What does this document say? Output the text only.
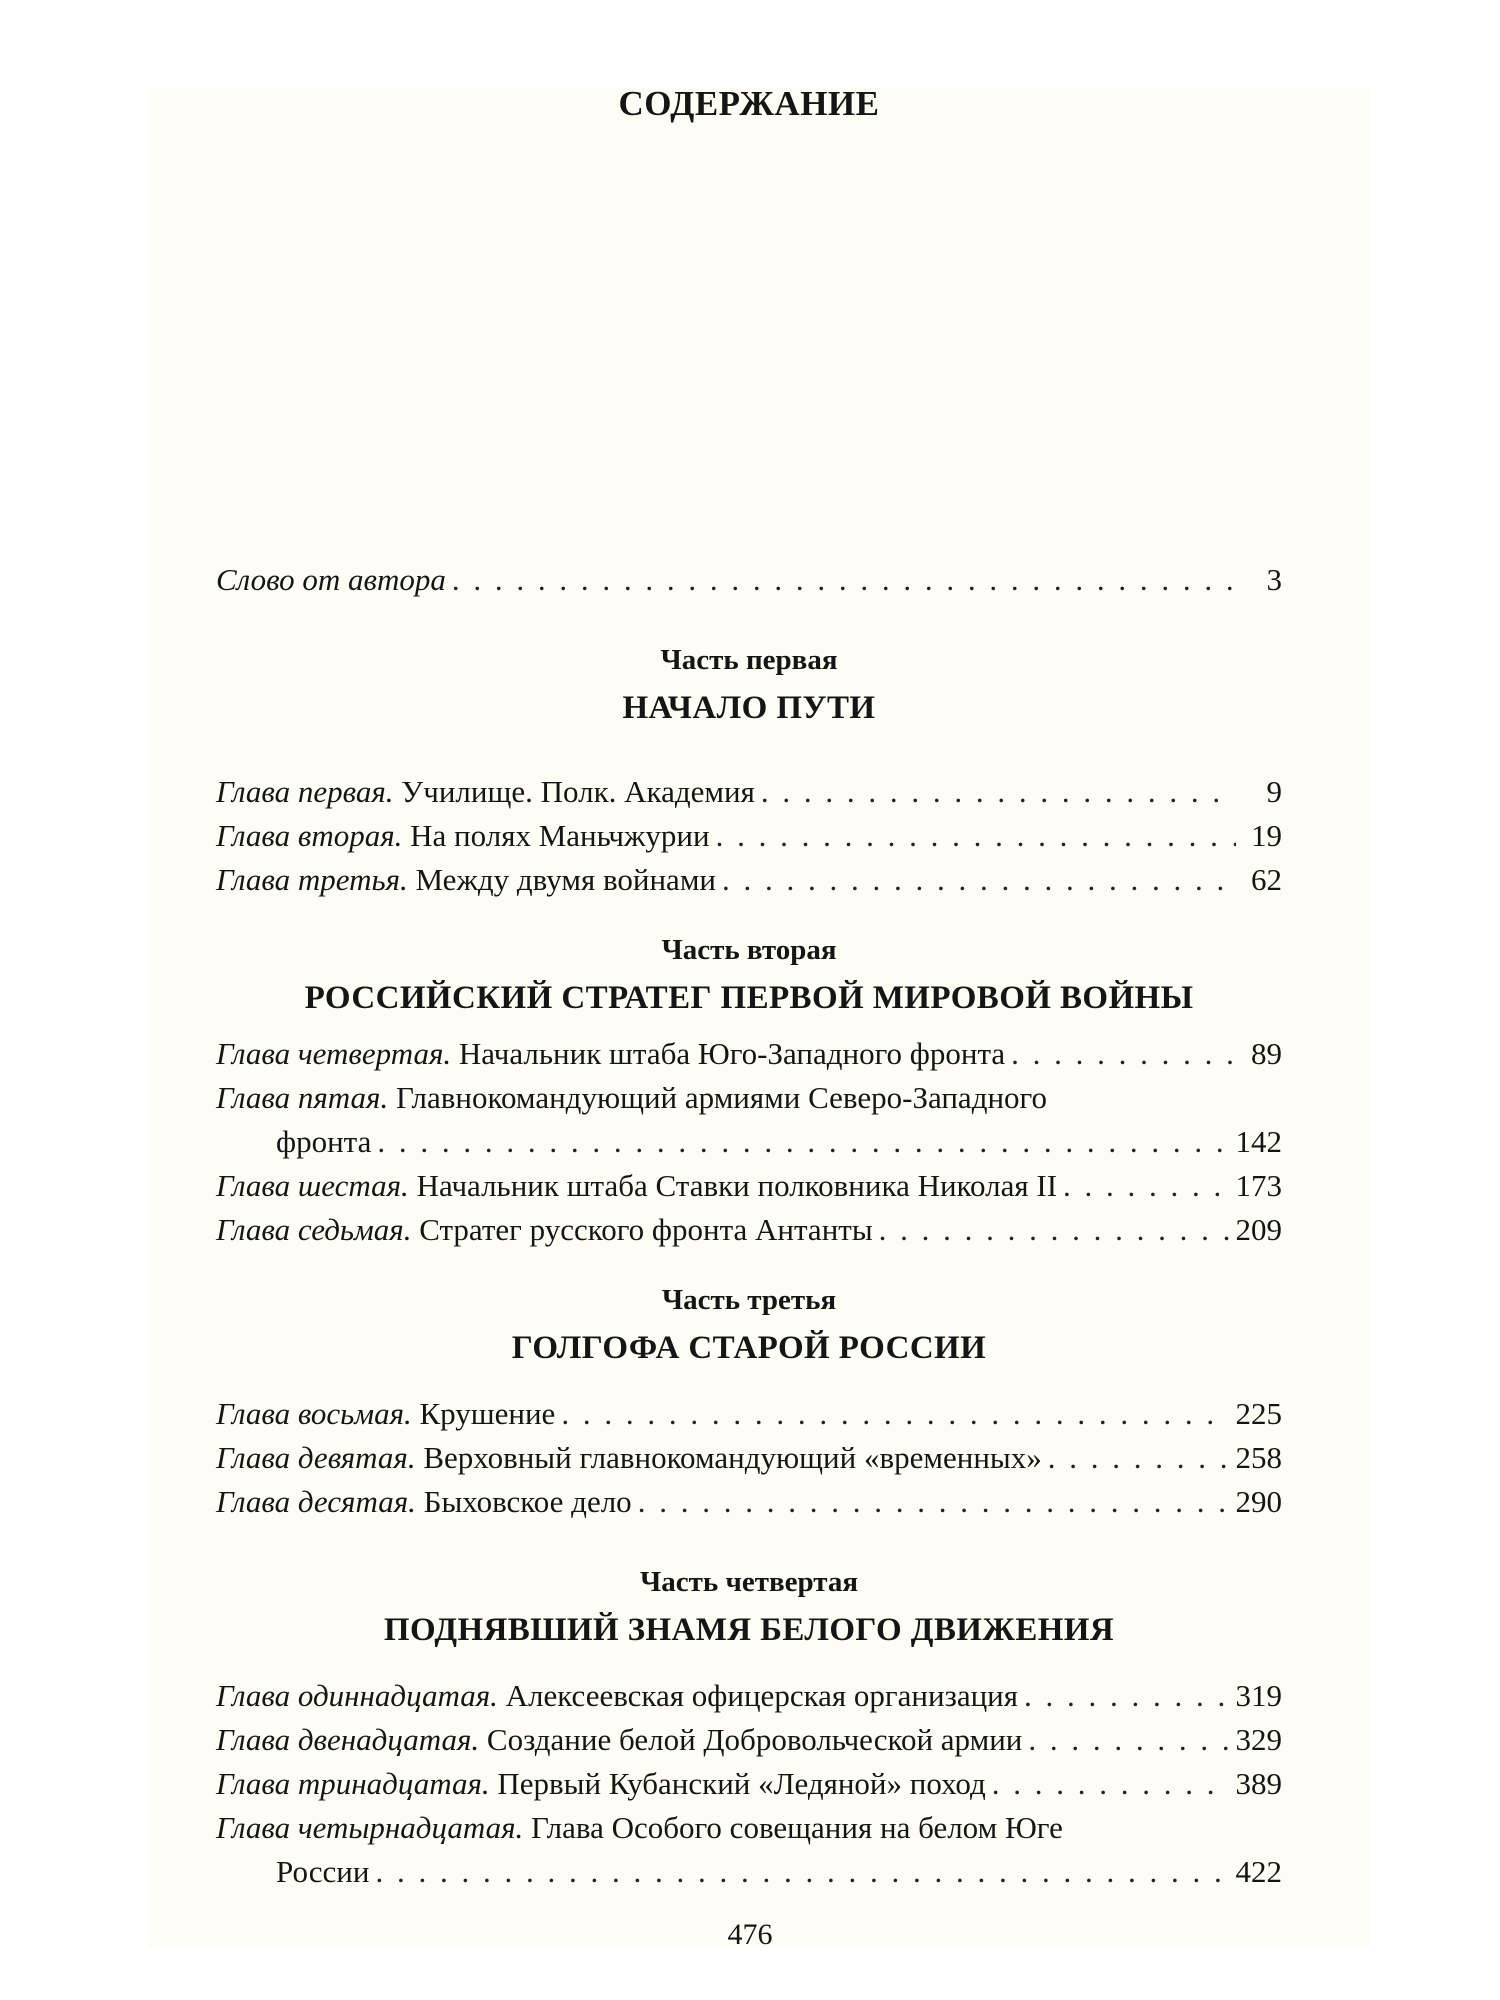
СОДЕРЖАНИЕ
Слово от автора . . .	3
Часть первая
НАЧАЛО ПУТИ
Глава первая. Училище. Полк. Академия . . .	9
Глава вторая. На полях Маньчжурии . . .	19
Глава третья. Между двумя войнами . . .	62
Часть вторая
РОССИЙСКИЙ СТРАТЕГ ПЕРВОЙ МИРОВОЙ ВОЙНЫ
Глава четвертая. Начальник штаба Юго-Западного фронта . . .	89
Глава пятая. Главнокомандующий армиями Северо-Западного
фронта . . .	142
Глава шестая. Начальник штаба Ставки полковника Николая II . . .	173
Глава седьмая. Стратег русского фронта Антанты . . .	209
Часть третья
ГОЛГОФА СТАРОЙ РОССИИ
Глава восьмая. Крушение . . .	225
Глава девятая. Верховный главнокомандующий «временных» . . .	258
Глава десятая. Быховское дело . . .	290
Часть четвертая
ПОДНЯВШИЙ ЗНАМЯ БЕЛОГО ДВИЖЕНИЯ
Глава одиннадцатая. Алексеевская офицерская организация . . .	319
Глава двенадцатая. Создание белой Добровольческой армии . . .	329
Глава тринадцатая. Первый Кубанский «Ледяной» поход . . .	389
Глава четырнадцатая. Глава Особого совещания на белом Юге
России . . .	422
476
